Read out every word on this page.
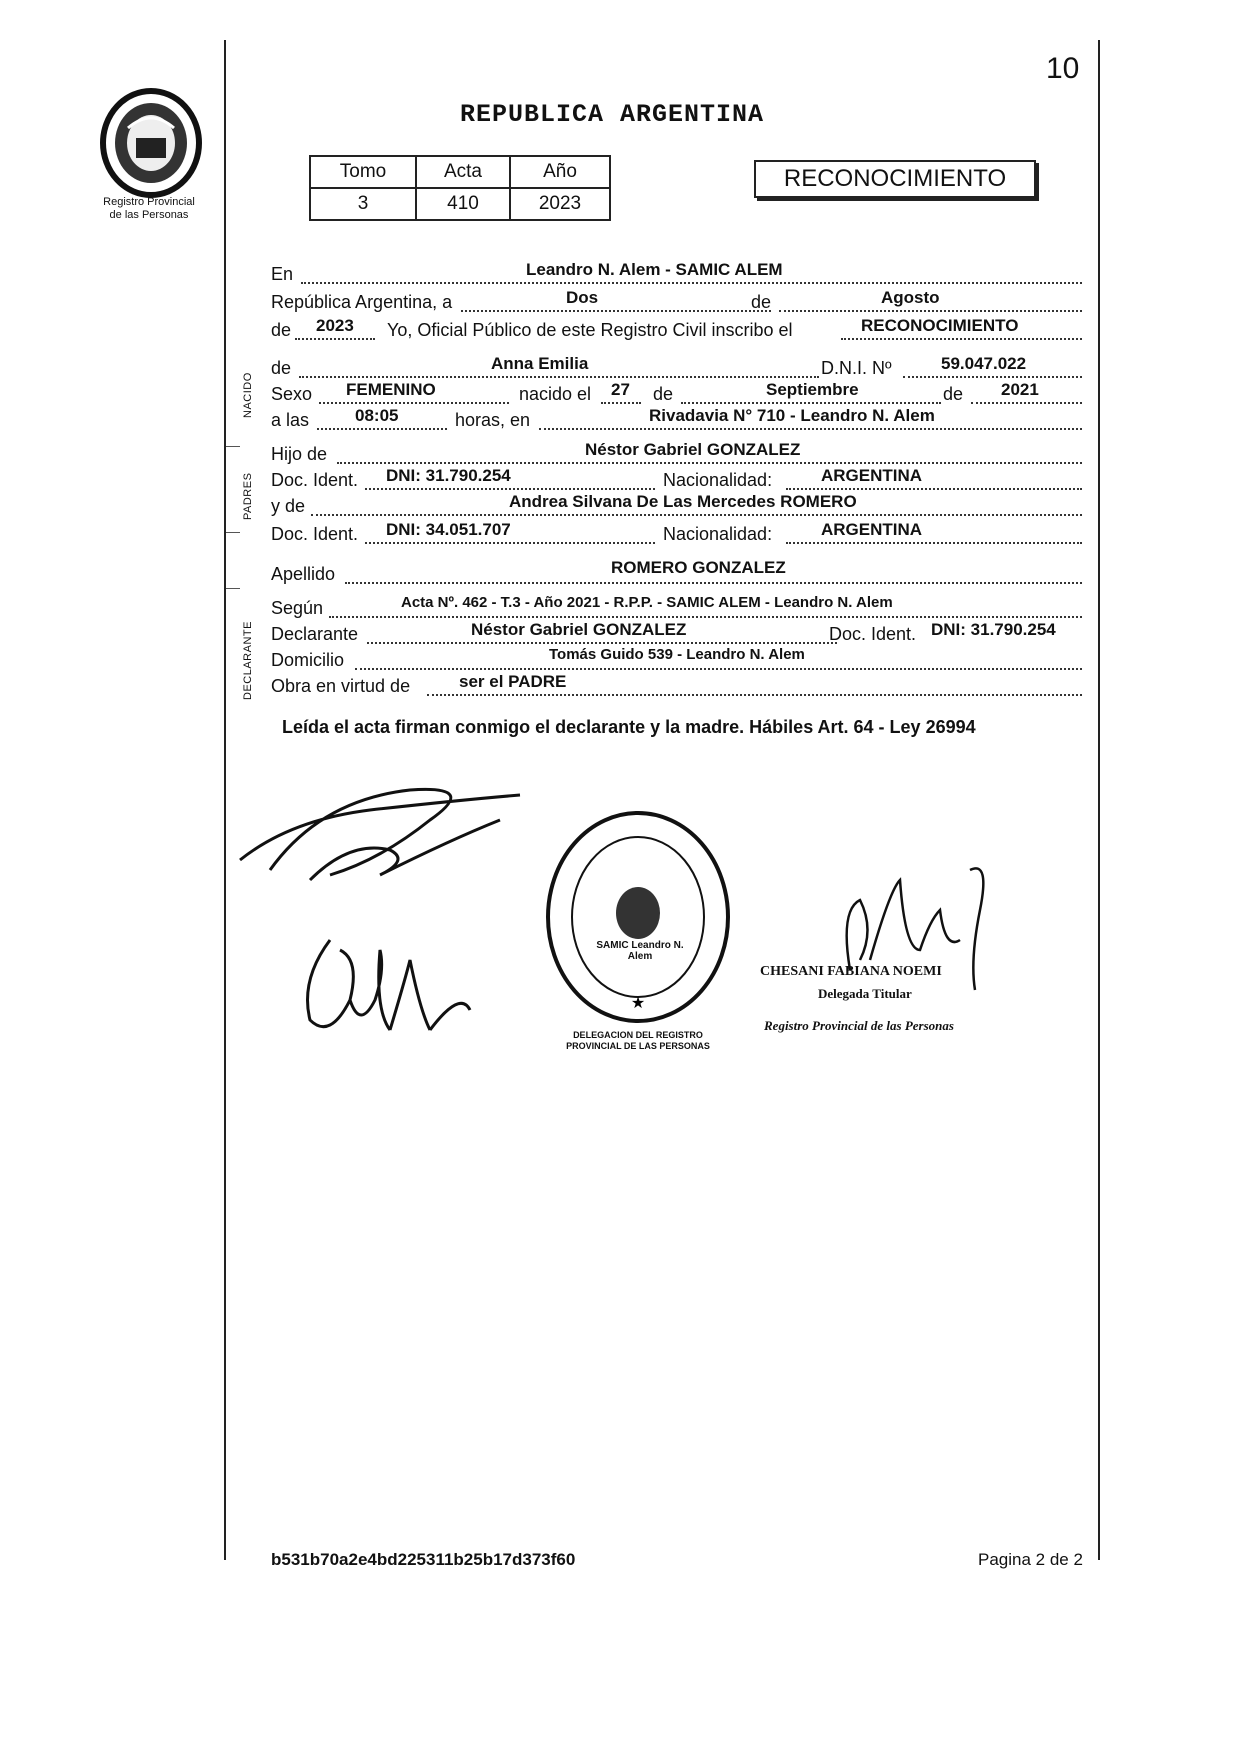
10
Registro Provincial
de las Personas
REPUBLICA ARGENTINA
Tomo	Acta	Año
3	410	2023
RECONOCIMIENTO
NACIDO
PADRES
DECLARANTE
En	Leandro N. Alem - SAMIC ALEM
República Argentina, a	Dos	de	Agosto
de 2023 Yo, Oficial Público de este Registro Civil inscribo el	RECONOCIMIENTO
de	Anna Emilia	D.N.I. Nº	59.047.022
Sexo FEMENINO	nacido el 27 de	Septiembre	de 2021
a las	08:05	horas, en	Rivadavia N° 710 - Leandro N. Alem
Hijo de	Néstor Gabriel GONZALEZ
Doc. Ident. DNI: 31.790.254	Nacionalidad:	ARGENTINA
y de	Andrea Silvana De Las Mercedes ROMERO
Doc. Ident. DNI: 34.051.707	Nacionalidad:	ARGENTINA
Apellido	ROMERO GONZALEZ
Según	Acta Nº. 462 - T.3 - Año 2021 - R.P.P. - SAMIC ALEM - Leandro N. Alem
Declarante	Néstor Gabriel GONZALEZ	Doc. Ident. DNI: 31.790.254
Domicilio	Tomás Guido 539 - Leandro N. Alem
Obra en virtud de	ser el PADRE
Leída el acta firman conmigo el declarante y la madre. Hábiles Art. 64 - Ley 26994
★
DELEGACION DEL REGISTRO PROVINCIAL DE LAS PERSONAS
SAMIC Leandro N. Alem
CHESANI FABIANA NOEMI
Delegada Titular
Registro Provincial de las Personas
b531b70a2e4bd225311b25b17d373f60	Pagina 2 de 2
